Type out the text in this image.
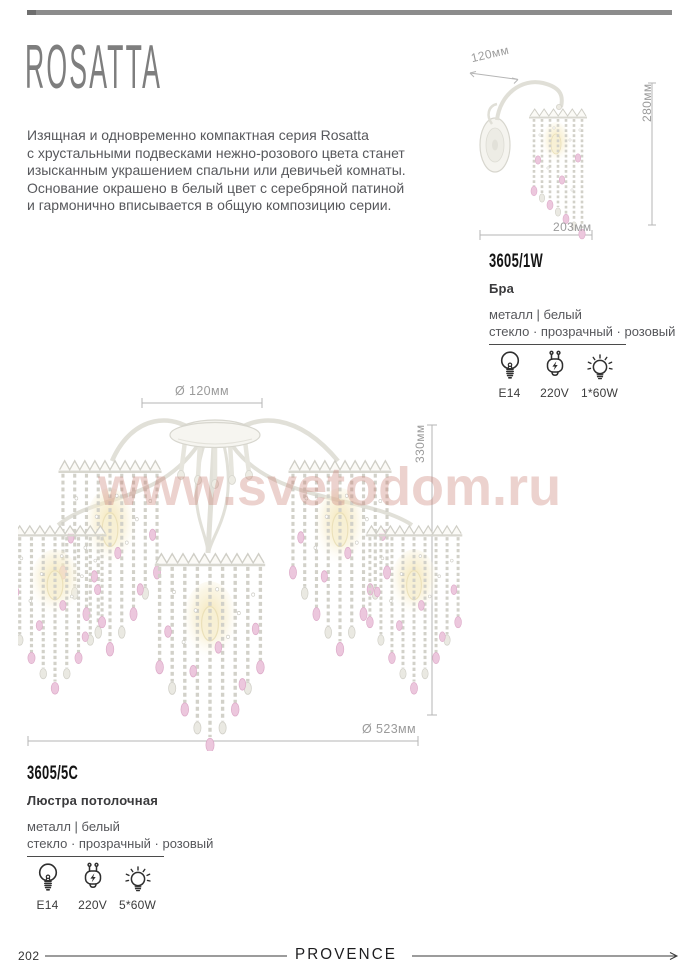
ROSATTA
Изящная и одновременно компактная серия Rosatta
с хрустальными подвесками нежно-розового цвета станет
изысканным украшением спальни или девичьей комнаты.
Основание окрашено в белый цвет с серебряной патиной
и гармонично вписывается в общую композицию серии.
120мм
280мм
203мм
3605/1W
Бра
металл | белый
стекло · прозрачный · розовый
E14 220V 1*60W
Ø 120мм
330мм
Ø 523мм
www.svetodom.ru
3605/5C
Люстра потолочная
металл | белый
стекло · прозрачный · розовый
E14 220V 5*60W
202	PROVENCE
